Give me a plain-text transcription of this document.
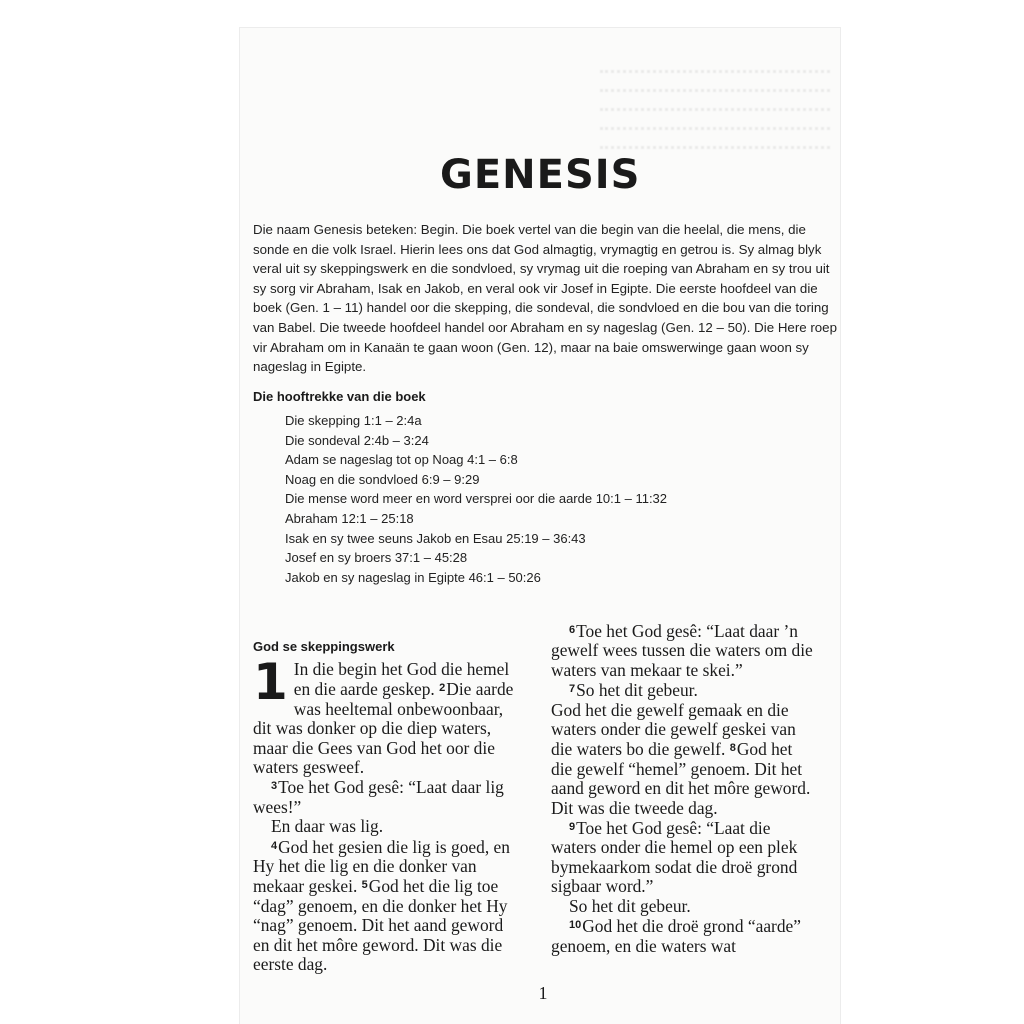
GENESIS
Die naam Genesis beteken: Begin. Die boek vertel van die begin van die heelal, die mens, die sonde en die volk Israel. Hierin lees ons dat God almagtig, vrymagtig en getrou is. Sy almag blyk veral uit sy skeppingswerk en die sondvloed, sy vrymag uit die roeping van Abraham en sy trou uit sy sorg vir Abraham, Isak en Jakob, en veral ook vir Josef in Egipte. Die eerste hoofdeel van die boek (Gen. 1 – 11) handel oor die skepping, die sondeval, die sondvloed en die bou van die toring van Babel. Die tweede hoofdeel handel oor Abraham en sy nageslag (Gen. 12 – 50). Die Here roep vir Abraham om in Kanaän te gaan woon (Gen. 12), maar na baie omswerwinge gaan woon sy nageslag in Egipte.
Die hooftrekke van die boek
Die skepping 1:1 – 2:4a
Die sondeval 2:4b – 3:24
Adam se nageslag tot op Noag 4:1 – 6:8
Noag en die sondvloed 6:9 – 9:29
Die mense word meer en word versprei oor die aarde 10:1 – 11:32
Abraham 12:1 – 25:18
Isak en sy twee seuns Jakob en Esau 25:19 – 36:43
Josef en sy broers 37:1 – 45:28
Jakob en sy nageslag in Egipte 46:1 – 50:26
God se skeppingswerk

1 In die begin het God die hemel en die aarde geskep. $^2$Die aarde was heeltemal onbewoonbaar, dit was donker op die diep waters, maar die Gees van God het oor die waters gesweef.

$^3$Toe het God gesê: “Laat daar lig wees!”

En daar was lig.

$^4$God het gesien die lig is goed, en Hy het die lig en die donker van mekaar geskei. $^5$God het die lig toe “dag” genoem, en die donker het Hy “nag” genoem. Dit het aand geword en dit het môre geword. Dit was die eerste dag.

$^6$Toe het God gesê: “Laat daar ’n gewelf wees tussen die waters om die waters van mekaar te skei.”

$^7$So het dit gebeur.

God het die gewelf gemaak en die waters onder die gewelf geskei van die waters bo die gewelf. $^8$God het die gewelf “hemel” genoem. Dit het aand geword en dit het môre geword. Dit was die tweede dag.

$^9$Toe het God gesê: “Laat die waters onder die hemel op een plek bymekaarkom sodat die droë grond sigbaar word.”

So het dit gebeur.

$^{10}$God het die droë grond “aarde” genoem, en die waters wat

1
